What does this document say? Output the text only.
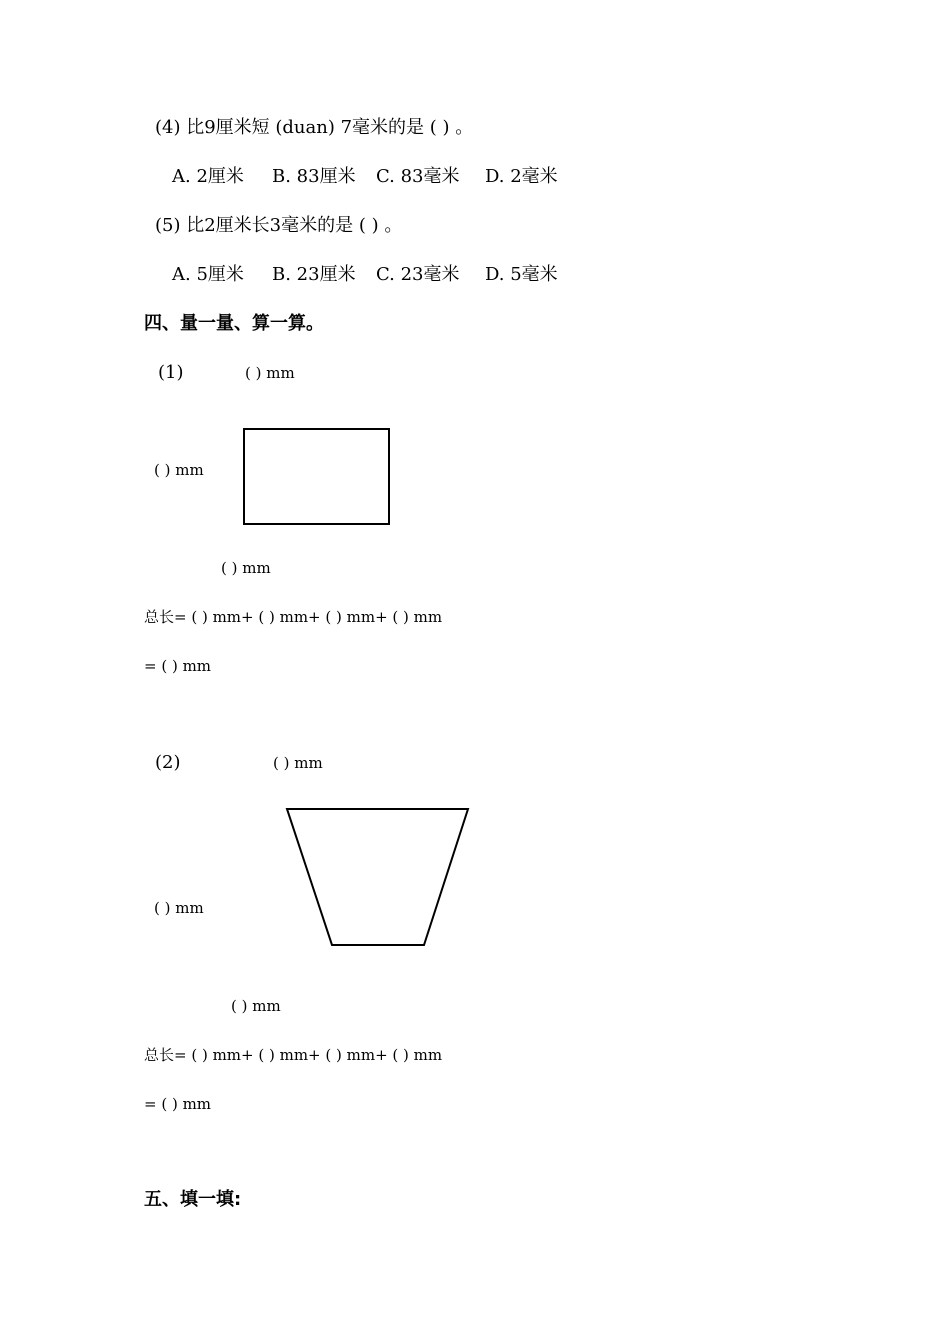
(4) 比9厘米短 (duan) 7毫米的是 ( ) 。
A. 2厘米 B. 83厘米 C. 83毫米 D. 2毫米
(5) 比2厘米长3毫米的是 ( ) 。
A. 5厘米 B. 23厘米 C. 23毫米 D. 5毫米
四、量一量、算一算。
(1)	( ) mm
( ) mm
( ) mm
总长= ( ) mm+ ( ) mm+ ( ) mm+ ( ) mm
= ( ) mm
(2)	( ) mm
( ) mm
( ) mm
总长= ( ) mm+ ( ) mm+ ( ) mm+ ( ) mm
= ( ) mm
五、填一填:
